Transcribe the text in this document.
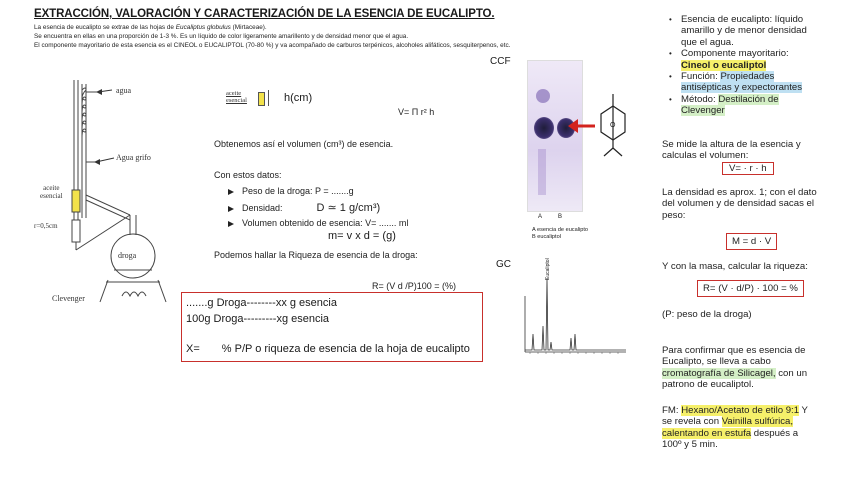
EXTRACCIÓN, VALORACIÓN Y CARACTERIZACIÓN DE LA ESENCIA DE EUCALIPTO.
La esencia de eucalipto se extrae de las hojas de Eucaliptus globulus (Mirtaceae).
Se encuentra en ellas en una proporción de 1-3 %. Es un líquido de color ligeramente amarillento y de densidad menor que el agua.
El componente mayoritario de esta esencia es el CINEOL o EUCALIPTOL (70-80 %) y va acompañado de carburos terpénicos, alcoholes alifáticos, sesquiterpenos, etc.
agua
Agua grifo
aceite
esencial
r=0,5cm
droga
Clevenger
aceite
esencial	h(cm)
V= Π r² h
Obtenemos así el volumen (cm³) de esencia.
Con estos datos:
Peso de la droga: P = .......g
Densidad:	D ≃ 1 g/cm³)
Volumen obtenido de esencia: V= ....... ml
m= v x d = (g)
Podemos hallar la Riqueza de esencia de la droga:
R= (V d /P)100 = (%)
.......g Droga--------xx g esencia
100g Droga---------xg esencia
X= % P/P o riqueza de esencia de la hoja de eucalipto
CCF
A	B
O
A esencia de eucalipto
B eucaliptol
GC	Eucaliptol
• Esencia de eucalipto: líquido amarillo y de menor densidad que el agua.
• Componente mayoritario:
Cineol o eucaliptol
• Función: Propiedades antisépticas y expectorantes
• Método: Destilación de Clevenger
Se mide la altura de la esencia y calculas el volumen:
V= · r · h
La densidad es aprox. 1; con el dato del volumen y de densidad sacas el peso:
M = d · V
Y con la masa, calcular la riqueza:
R= (V · d/P) · 100 = %
(P: peso de la droga)
Para confirmar que es esencia de Eucalipto, se lleva a cabo cromatografía de Silicagel, con un patrono de eucaliptol.
FM: Hexano/Acetato de etilo 9:1 Y se revela con Vainilla sulfúrica, calentando en estufa después a 100º y 5 min.
